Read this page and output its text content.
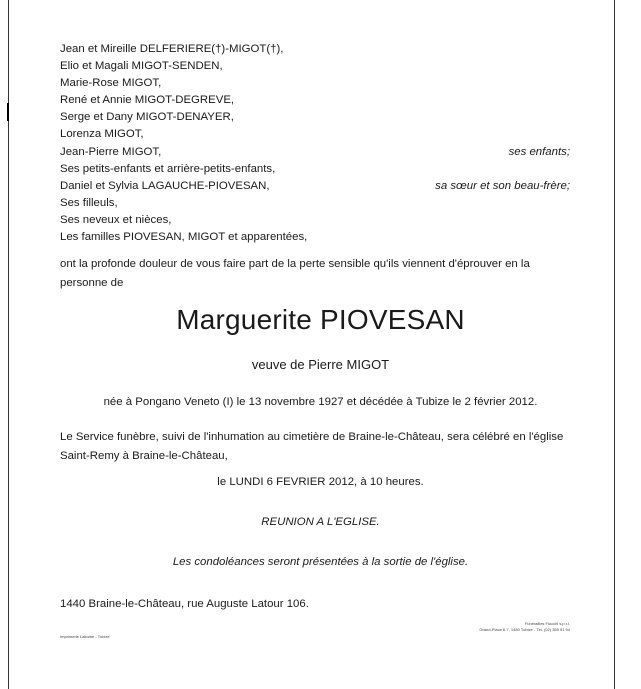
Jean et Mireille DELFERIERE(†)-MIGOT(†),
Elio et Magali MIGOT-SENDEN,
Marie-Rose MIGOT,
René et Annie MIGOT-DEGREVE,
Serge et Dany MIGOT-DENAYER,
Lorenza MIGOT,
Jean-Pierre MIGOT,	ses enfants;
Ses petits-enfants et arrière-petits-enfants,
Daniel et Sylvia LAGAUCHE-PIOVESAN,	sa sœur et son beau-frère;
Ses filleuls,
Ses neveux et nièces,
Les familles PIOVESAN, MIGOT et apparentées,
ont la profonde douleur de vous faire part de la perte sensible qu'ils viennent d'éprouver en la personne de
Marguerite PIOVESAN
veuve de Pierre MIGOT
née à Pongano Veneto (I) le 13 novembre 1927 et décédée à Tubize le 2 février 2012.
Le Service funèbre, suivi de l'inhumation au cimetière de Braine-le-Château, sera célébré en l'église Saint-Remy à Braine-le-Château,
le LUNDI 6 FEVRIER 2012, à 10 heures.
REUNION A L'EGLISE.
Les condoléances seront présentées à la sortie de l'église.
1440 Braine-le-Château, rue Auguste Latour 106.
Imprimerie Lakome - Tubize
Funérailles Fiocchi s.p.r.l.
Grand-Place 6-7, 1480 Tubize - Tél. (02) 355 51 94
